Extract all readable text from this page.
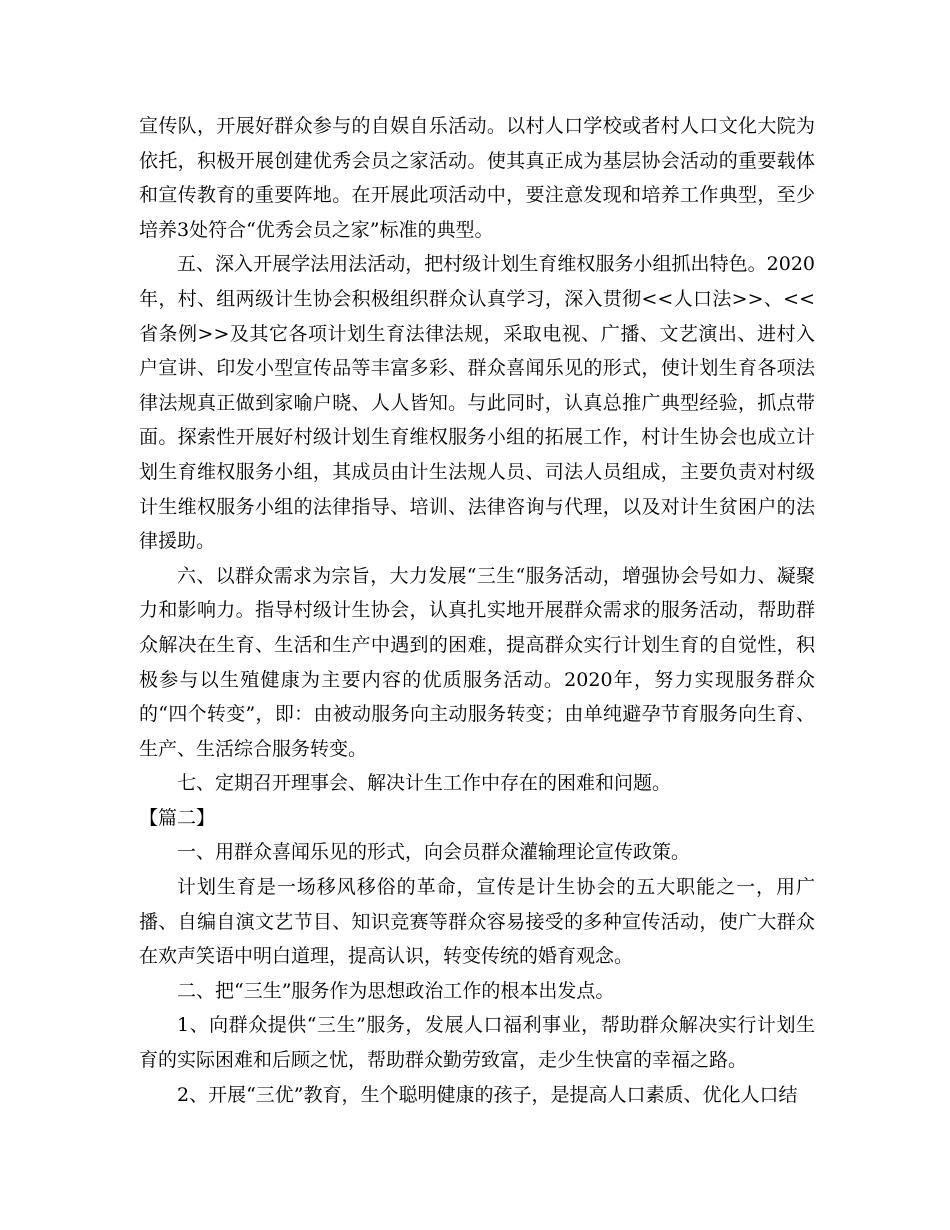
宣传队，开展好群众参与的自娱自乐活动。以村人口学校或者村人口文化大院为依托，积极开展创建优秀会员之家活动。使其真正成为基层协会活动的重要载体和宣传教育的重要阵地。在开展此项活动中，要注意发现和培养工作典型，至少培养3处符合“优秀会员之家”标准的典型。

五、深入开展学法用法活动，把村级计划生育维权服务小组抓出特色。2020年，村、组两级计生协会积极组织群众认真学习，深入贯彻<<人口法>>、<<省条例>>及其它各项计划生育法律法规，采取电视、广播、文艺演出、进村入户宣讲、印发小型宣传品等丰富多彩、群众喜闻乐见的形式，使计划生育各项法律法规真正做到家喻户晓、人人皆知。与此同时，认真总推广典型经验，抓点带面。探索性开展好村级计划生育维权服务小组的拓展工作，村计生协会也成立计划生育维权服务小组，其成员由计生法规人员、司法人员组成，主要负责对村级计生维权服务小组的法律指导、培训、法律咨询与代理，以及对计生贫困户的法律援助。

六、以群众需求为宗旨，大力发展“三生“服务活动，增强协会号如力、凝聚力和影响力。指导村级计生协会，认真扎实地开展群众需求的服务活动，帮助群众解决在生育、生活和生产中遇到的困难，提高群众实行计划生育的自觉性，积极参与以生殖健康为主要内容的优质服务活动。2020年，努力实现服务群众的“四个转变”，即：由被动服务向主动服务转变；由单纯避孕节育服务向生育、生产、生活综合服务转变。

七、定期召开理事会、解决计生工作中存在的困难和问题。

【篇二】

一、用群众喜闻乐见的形式，向会员群众灌输理论宣传政策。

计划生育是一场移风移俗的革命，宣传是计生协会的五大职能之一，用广播、自编自演文艺节目、知识竞赛等群众容易接受的多种宣传活动，使广大群众在欢声笑语中明白道理，提高认识，转变传统的婚育观念。

二、把“三生”服务作为思想政治工作的根本出发点。

1、向群众提供“三生”服务，发展人口福利事业，帮助群众解决实行计划生育的实际困难和后顾之忧，帮助群众勤劳致富，走少生快富的幸福之路。

2、开展“三优”教育，生个聪明健康的孩子，是提高人口素质、优化人口结
